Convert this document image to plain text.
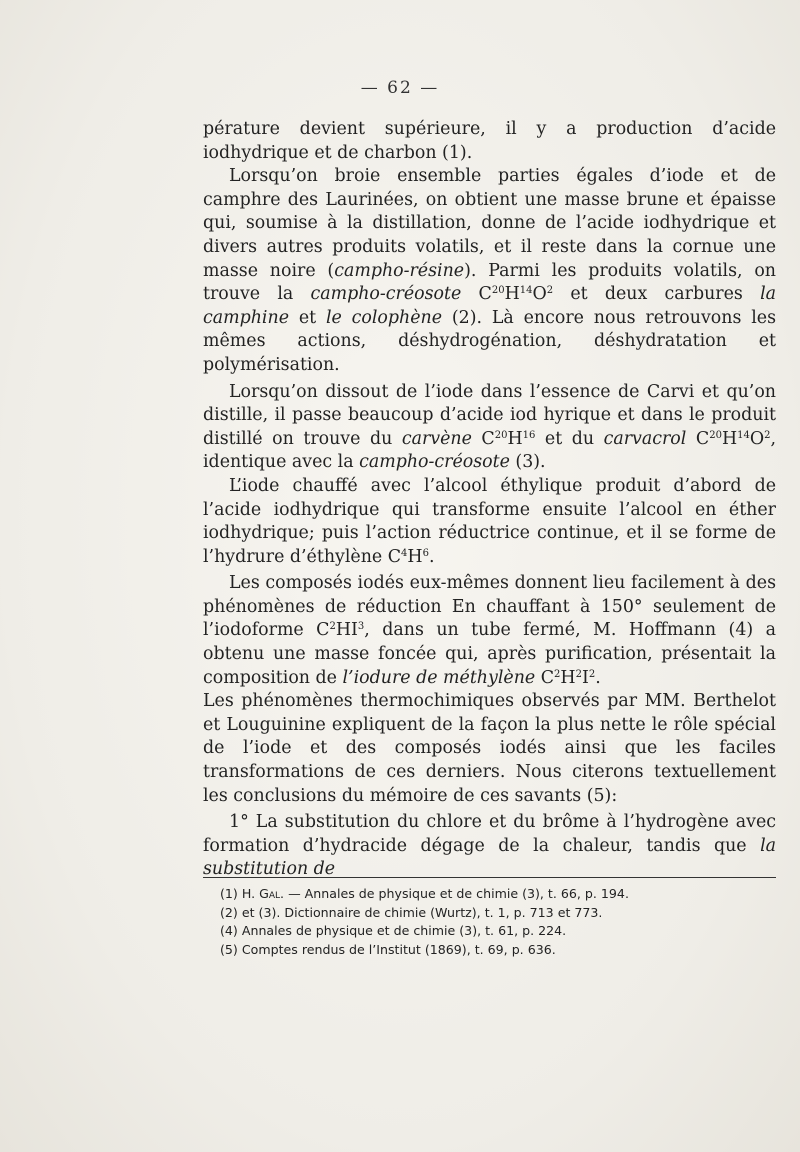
— 62 —

pérature devient supérieure, il y a production d’acide iodhydrique et de charbon (1).

Lorsqu’on broie ensemble parties égales d’iode et de camphre des Laurinées, on obtient une masse brune et épaisse qui, soumise à la distillation, donne de l’acide iodhydrique et divers autres produits volatils, et il reste dans la cornue une masse noire (campho-résine). Parmi les produits volatils, on trouve la campho-créosote $C^{20}H^{14}O^2$ et deux carbures la camphine et le colophène (2). Là encore nous retrouvons les mêmes actions, déshydrogénation, déshydratation et polymérisation.

Lorsqu’on dissout de l’iode dans l’essence de Carvi et qu’on distille, il passe beaucoup d’acide iod hyrique et dans le produit distillé on trouve du carvène $C^{20}H^{16}$ et du carvacrol $C^{20}H^{14}O^2$, identique avec la campho-créosote (3).

L’iode chauffé avec l’alcool éthylique produit d’abord de l’acide iodhydrique qui transforme ensuite l’alcool en éther iodhydrique; puis l’action réductrice continue, et il se forme de l’hydrure d’éthylène $C^4H^6$.

Les composés iodés eux-mêmes donnent lieu facilement à des phénomènes de réduction En chauffant à 150° seulement de l’iodoforme $C^2HI^3$, dans un tube fermé, M. Hoffmann (4) a obtenu une masse foncée qui, après purification, présentait la composition de l’iodure de méthylène $C^2H^2I^2$.

Les phénomènes thermochimiques observés par MM. Berthelot et Louguinine expliquent de la façon la plus nette le rôle spécial de l’iode et des composés iodés ainsi que les faciles transformations de ces derniers. Nous citerons textuellement les conclusions du mémoire de ces savants (5):

1° La substitution du chlore et du brôme à l’hydrogène avec formation d’hydracide dégage de la chaleur, tandis que la substitution de

(1) H. Gal. — Annales de physique et de chimie (3), t. 66, p. 194.
(2) et (3). Dictionnaire de chimie (Wurtz), t. 1, p. 713 et 773.
(4) Annales de physique et de chimie (3), t. 61, p. 224.
(5) Comptes rendus de l’Institut (1869), t. 69, p. 636.
